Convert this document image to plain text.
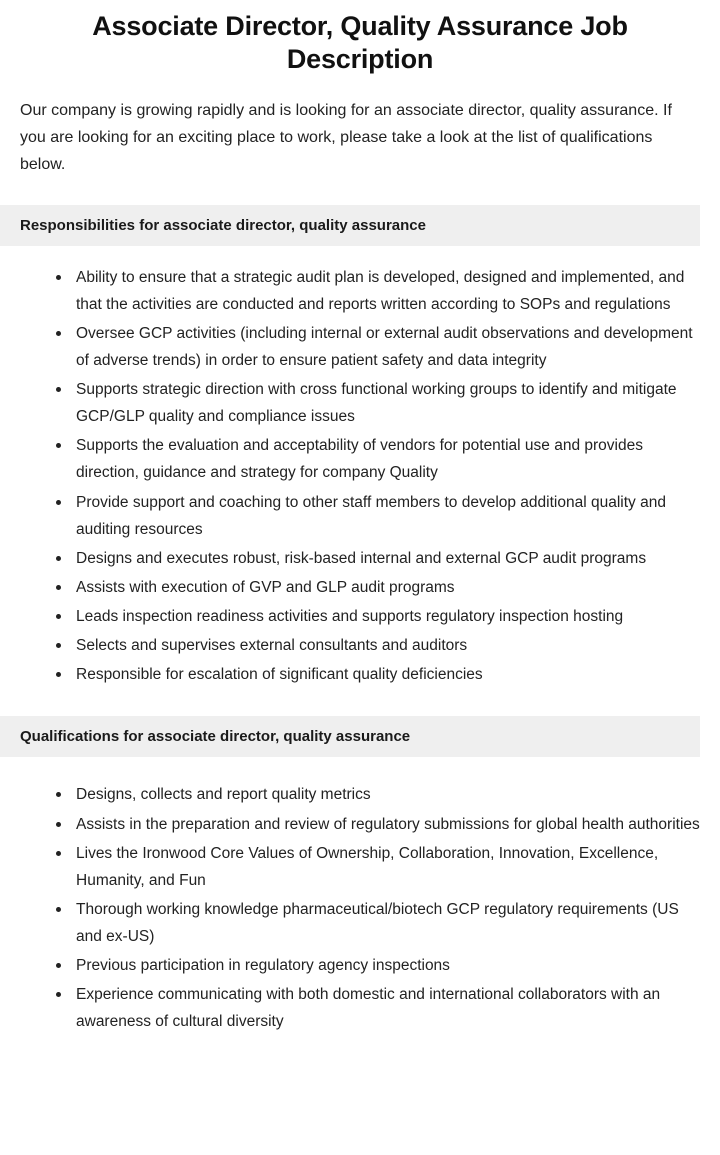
Associate Director, Quality Assurance Job Description

Our company is growing rapidly and is looking for an associate director, quality assurance. If you are looking for an exciting place to work, please take a look at the list of qualifications below.

Responsibilities for associate director, quality assurance
Ability to ensure that a strategic audit plan is developed, designed and implemented, and that the activities are conducted and reports written according to SOPs and regulations
Oversee GCP activities (including internal or external audit observations and development of adverse trends) in order to ensure patient safety and data integrity
Supports strategic direction with cross functional working groups to identify and mitigate GCP/GLP quality and compliance issues
Supports the evaluation and acceptability of vendors for potential use and provides direction, guidance and strategy for company Quality
Provide support and coaching to other staff members to develop additional quality and auditing resources
Designs and executes robust, risk-based internal and external GCP audit programs
Assists with execution of GVP and GLP audit programs
Leads inspection readiness activities and supports regulatory inspection hosting
Selects and supervises external consultants and auditors
Responsible for escalation of significant quality deficiencies
Qualifications for associate director, quality assurance
Designs, collects and report quality metrics
Assists in the preparation and review of regulatory submissions for global health authorities
Lives the Ironwood Core Values of Ownership, Collaboration, Innovation, Excellence, Humanity, and Fun
Thorough working knowledge pharmaceutical/biotech GCP regulatory requirements (US and ex-US)
Previous participation in regulatory agency inspections
Experience communicating with both domestic and international collaborators with an awareness of cultural diversity
